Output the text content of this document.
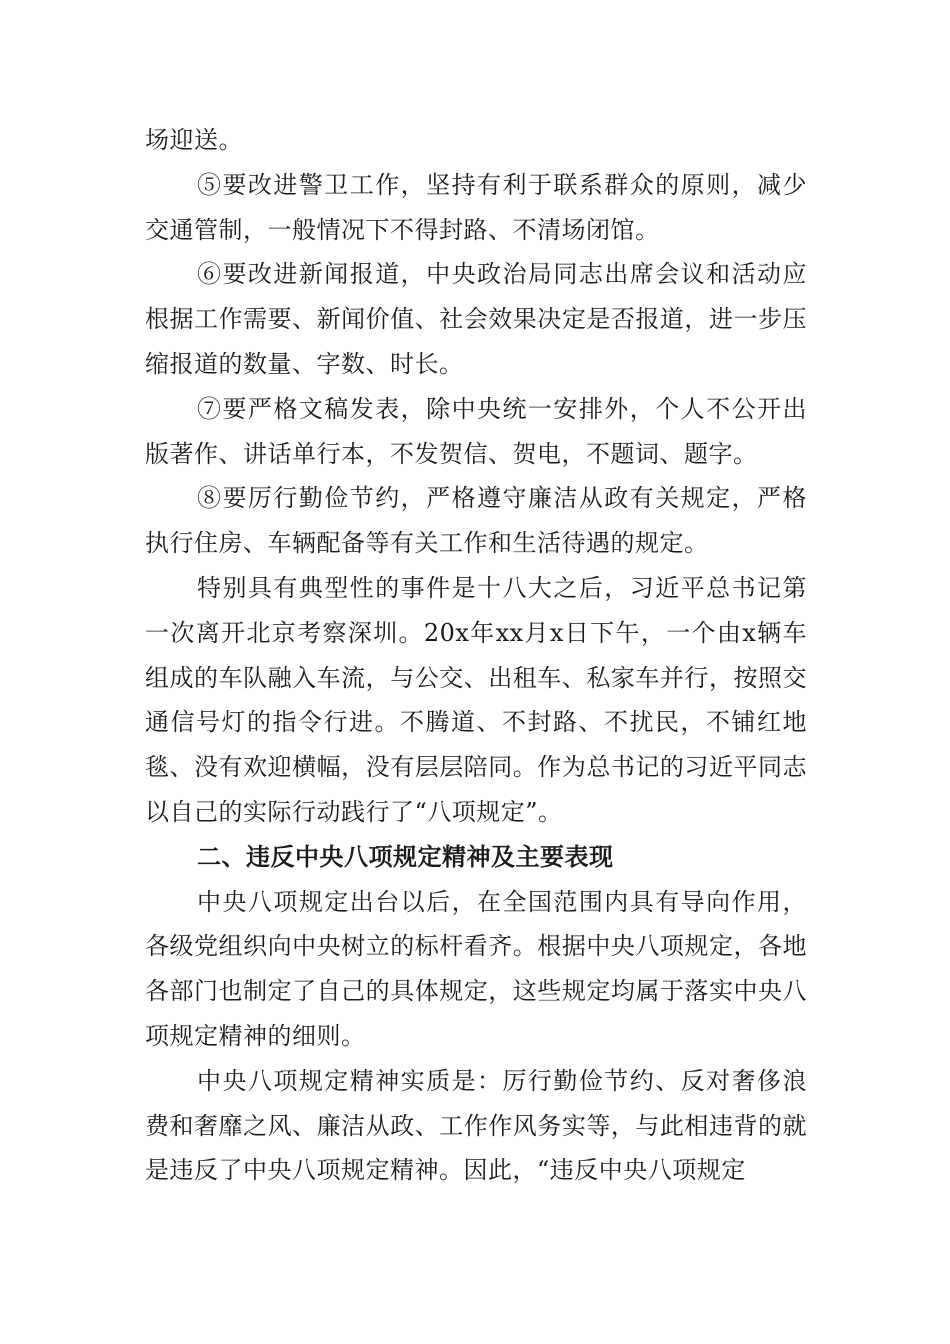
场迎送。

⑤要改进警卫工作，坚持有利于联系群众的原则，减少交通管制，一般情况下不得封路、不清场闭馆。

⑥要改进新闻报道，中央政治局同志出席会议和活动应根据工作需要、新闻价值、社会效果决定是否报道，进一步压缩报道的数量、字数、时长。

⑦要严格文稿发表，除中央统一安排外，个人不公开出版著作、讲话单行本，不发贺信、贺电，不题词、题字。

⑧要厉行勤俭节约，严格遵守廉洁从政有关规定，严格执行住房、车辆配备等有关工作和生活待遇的规定。

特别具有典型性的事件是十八大之后，习近平总书记第一次离开北京考察深圳。20x年xx月x日下午，一个由x辆车组成的车队融入车流，与公交、出租车、私家车并行，按照交通信号灯的指令行进。不腾道、不封路、不扰民，不铺红地毯、没有欢迎横幅，没有层层陪同。作为总书记的习近平同志以自己的实际行动践行了“八项规定”。

二、违反中央八项规定精神及主要表现

中央八项规定出台以后，在全国范围内具有导向作用，各级党组织向中央树立的标杆看齐。根据中央八项规定，各地各部门也制定了自己的具体规定，这些规定均属于落实中央八项规定精神的细则。

中央八项规定精神实质是：厉行勤俭节约、反对奢侈浪费和奢靡之风、廉洁从政、工作作风务实等，与此相违背的就是违反了中央八项规定精神。因此，“违反中央八项规定
